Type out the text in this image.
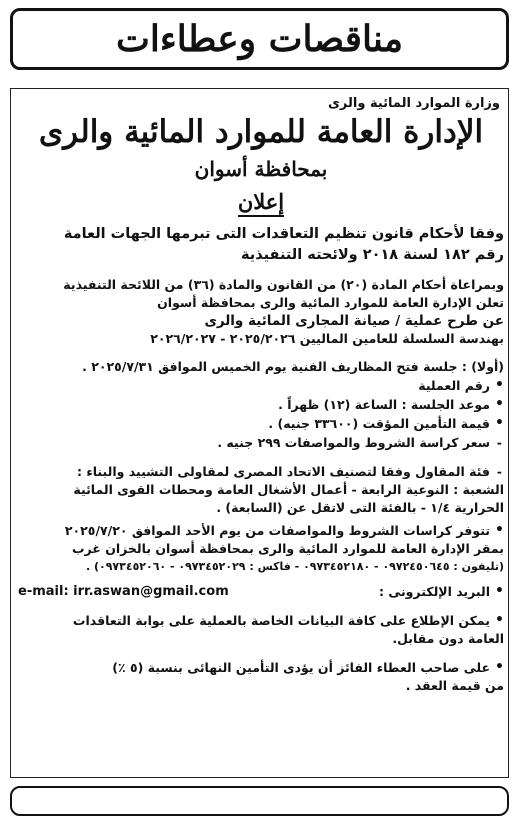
مناقصات وعطاءات
وزارة الموارد المائية والرى
الإدارة العامة للموارد المائية والرى
بمحافظة أسوان
إعلان
وفقا لأحكام قانون تنظيم التعاقدات التى تبرمها الجهات العامة
رقم ١٨٢ لسنة ٢٠١٨ ولائحته التنفيذية
وبمراعاة أحكام المادة (٢٠) من القانون والمادة (٣٦) من اللائحة التنفيذية
تعلن الإدارة العامة للموارد المائية والرى بمحافظة أسوان
عن طرح عملية / صيانة المجارى المائية والرى
بهندسة السلسلة للعامين الماليين ٢٠٢٥/٢٠٢٦ - ٢٠٢٦/٢٠٢٧
(أولا) : جلسة فتح المظاريف الفنية يوم الخميس الموافق ٢٠٢٥/٧/٣١ .
• رقم العملية
• موعد الجلسة : الساعة (١٢) ظهراً .
• قيمة التأمين المؤقت (٣٣٦٠٠ جنيه) .
- سعر كراسة الشروط والمواصفات ٢٩٩ جنيه .
- فئة المقاول وفقا لتصنيف الاتحاد المصرى لمقاولى التشييد والبناء :
الشعبة : النوعية الرابعة - أعمال الأشغال العامة ومحطات القوى المائية
الحرارية ١/٤ - بالفئة التى لاتقل عن (السابعة) .
• تتوفر كراسات الشروط والمواصفات من يوم الأحد الموافق ٢٠٢٥/٧/٢٠
بمقر الإدارة العامة للموارد المائية والرى بمحافظة أسوان بالخزان غرب
(تليفون : ٠٩٧٢٤٥٠٦٤٥ - ٠٩٧٣٤٥٢١٨٠ - فاكس : ٠٩٧٣٤٥٢٠٢٩ - ٠٩٧٣٤٥٢٠٦٠) .
• البريد الإلكترونى :
e-mail: irr.aswan@gmail.com
• يمكن الإطلاع على كافة البيانات الخاصة بالعملية على بوابة التعاقدات
العامة دون مقابل.
• على صاحب العطاء الفائز أن يؤدى التأمين النهائى بنسبة (٥ ٪)
من قيمة العقد .
